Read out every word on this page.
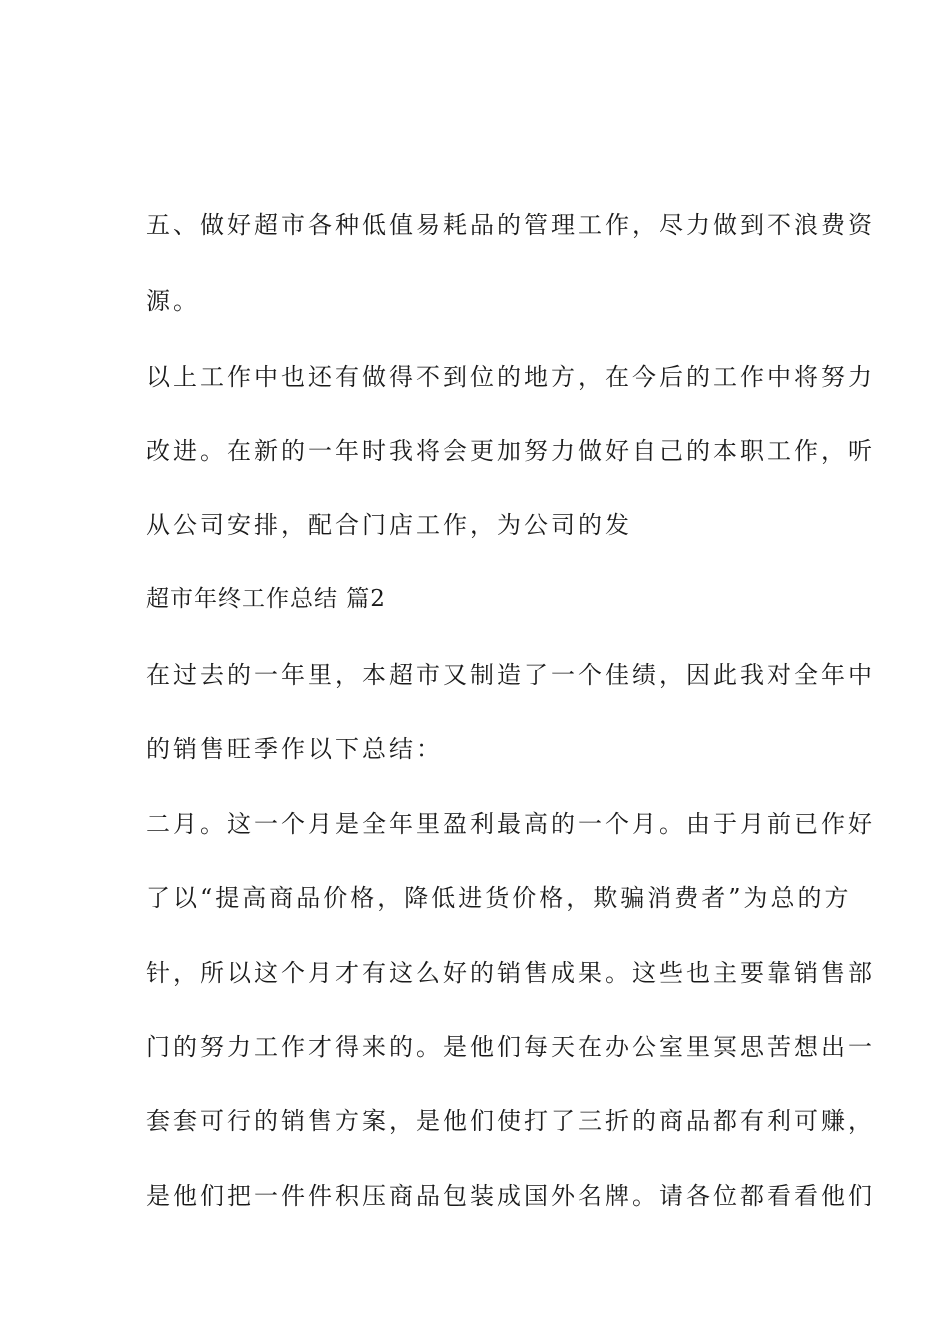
五、做好超市各种低值易耗品的管理工作，尽力做到不浪费资
源。
以上工作中也还有做得不到位的地方，在今后的工作中将努力
改进。在新的一年时我将会更加努力做好自己的本职工作，听
从公司安排，配合门店工作，为公司的发
超市年终工作总结 篇2
在过去的一年里，本超市又制造了一个佳绩，因此我对全年中
的销售旺季作以下总结：
二月。这一个月是全年里盈利最高的一个月。由于月前已作好
了以“提高商品价格，降低进货价格，欺骗消费者”为总的方
针，所以这个月才有这么好的销售成果。这些也主要靠销售部
门的努力工作才得来的。是他们每天在办公室里冥思苦想出一
套套可行的销售方案，是他们使打了三折的商品都有利可赚，
是他们把一件件积压商品包装成国外名牌。请各位都看看他们
